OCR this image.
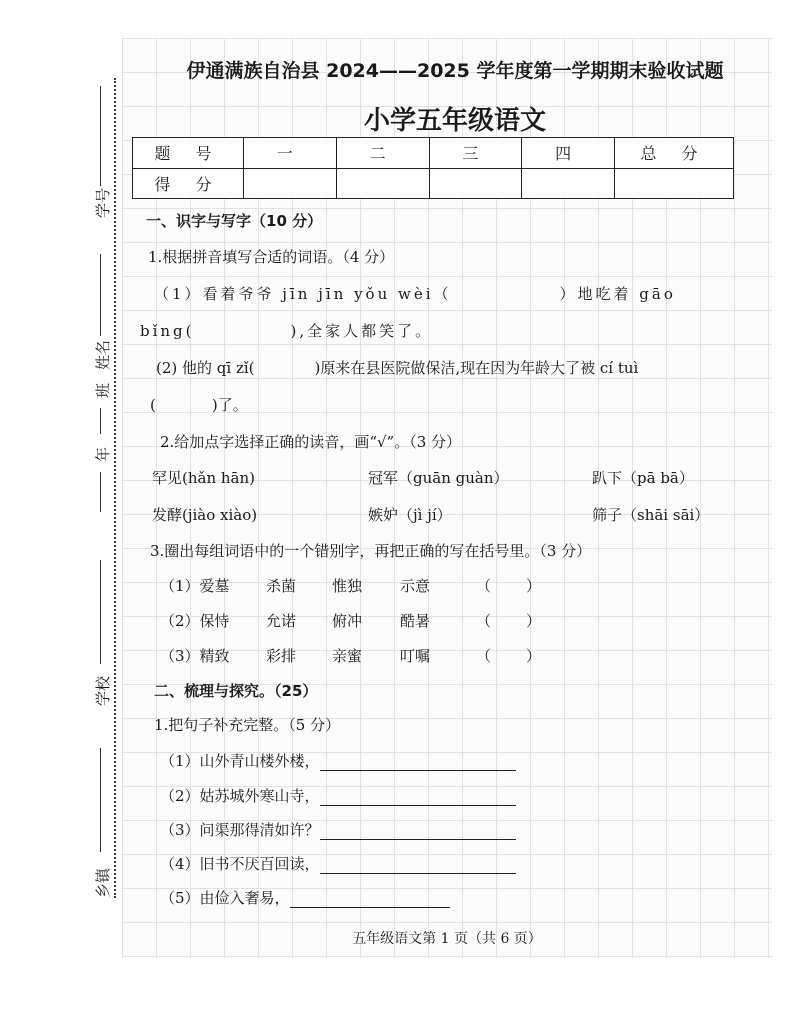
学号
姓名
班
年
学校
乡镇
伊通满族自治县 2024——2025 学年度第一学期期末验收试题
小学五年级语文
题 号	一	二	三	四	总 分
得 分					
一、识字与写字（10 分）
1.根据拼音填写合适的词语。（4 分）
（1）看着爷爷 jīn jīn yǒu wèi（	）地吃着 gāo
bǐng(	),全家人都笑了。
(2) 他的 qī zǐ(	)原来在县医院做保洁,现在因为年龄大了被 cí tuì
(	)了。
2.给加点字选择正确的读音，画“√”。（3 分）
罕见(hǎn hān)	冠军（guān guàn）	趴下（pā bā）
发酵(jiào xiào)	嫉妒（jì jí）	筛子（shāi sāi）
3.圈出每组词语中的一个错别字，再把正确的写在括号里。（3 分）
（1）爱墓 杀菌 惟独	示意	（ ）
（2）保恃 允诺 俯冲	酷暑	（ ）
（3）精致 彩排 亲蜜	叮嘱	（ ）
二、梳理与探究。（25）
1.把句子补充完整。（5 分）
（1）山外青山楼外楼，
（2）姑苏城外寒山寺，
（3）问渠那得清如许？
（4）旧书不厌百回读，
（5）由俭入奢易，
五年级语文第 1 页（共 6 页）
